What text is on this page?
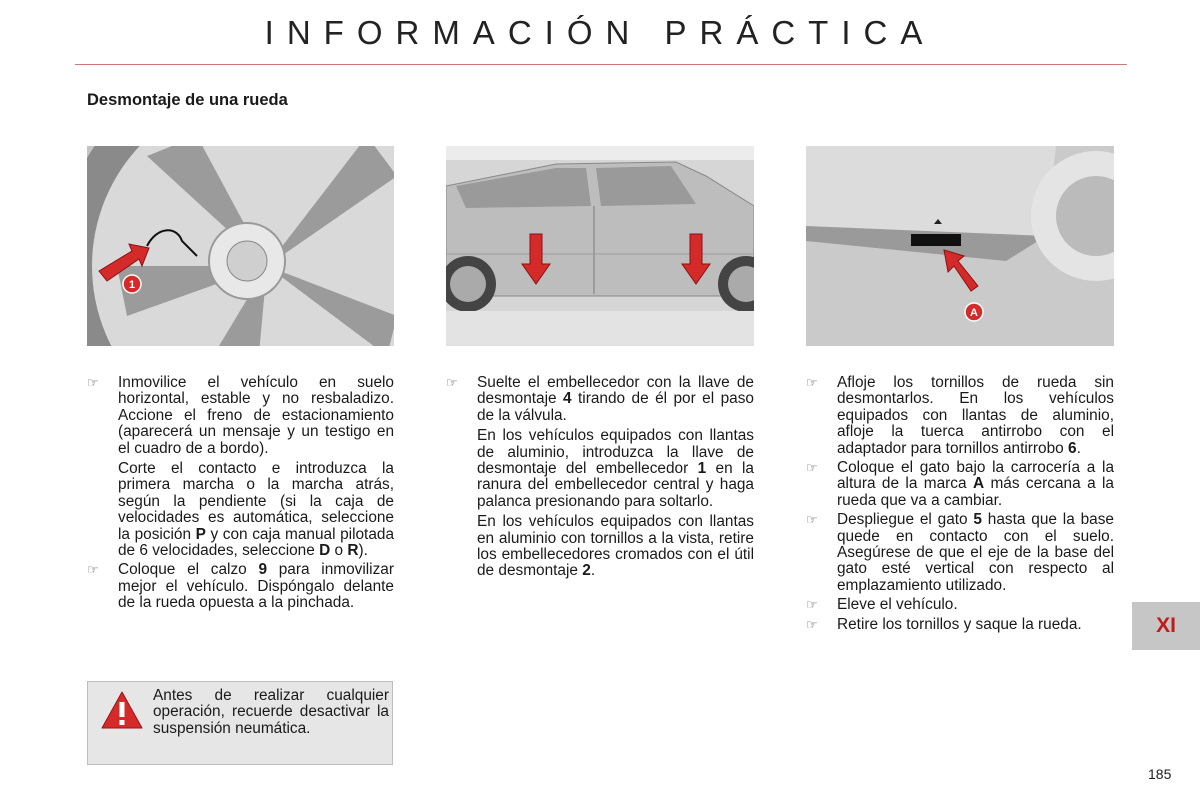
INFORMACIÓN PRÁCTICA
Desmontaje de una rueda
1
A
☞ Inmovilice el vehículo en suelo horizontal, estable y no resbaladizo. Accione el freno de estacionamiento (aparecerá un mensaje y un testigo en el cuadro de a bordo).
Corte el contacto e introduzca la primera marcha o la marcha atrás, según la pendiente (si la caja de velocidades es automática, seleccione la posición P y con caja manual pilotada de 6 velocidades, seleccione D o R).
☞ Coloque el calzo 9 para inmovilizar mejor el vehículo. Dispóngalo delante de la rueda opuesta a la pinchada.
Antes de realizar cualquier operación, recuerde desactivar la suspensión neumática.
☞ Suelte el embellecedor con la llave de desmontaje 4 tirando de él por el paso de la válvula.
En los vehículos equipados con llantas de aluminio, introduzca la llave de desmontaje del embellecedor 1 en la ranura del embellecedor central y haga palanca presionando para soltarlo.
En los vehículos equipados con llantas en aluminio con tornillos a la vista, retire los embellecedores cromados con el útil de desmontaje 2.
☞ Afloje los tornillos de rueda sin desmontarlos. En los vehículos equipados con llantas de aluminio, afloje la tuerca antirrobo con el adaptador para tornillos antirrobo 6.
☞ Coloque el gato bajo la carrocería a la altura de la marca A más cercana a la rueda que va a cambiar.
☞ Despliegue el gato 5 hasta que la base quede en contacto con el suelo. Asegúrese de que el eje de la base del gato esté vertical con respecto al emplazamiento utilizado.
☞ Eleve el vehículo.
☞ Retire los tornillos y saque la rueda.	XI
185
